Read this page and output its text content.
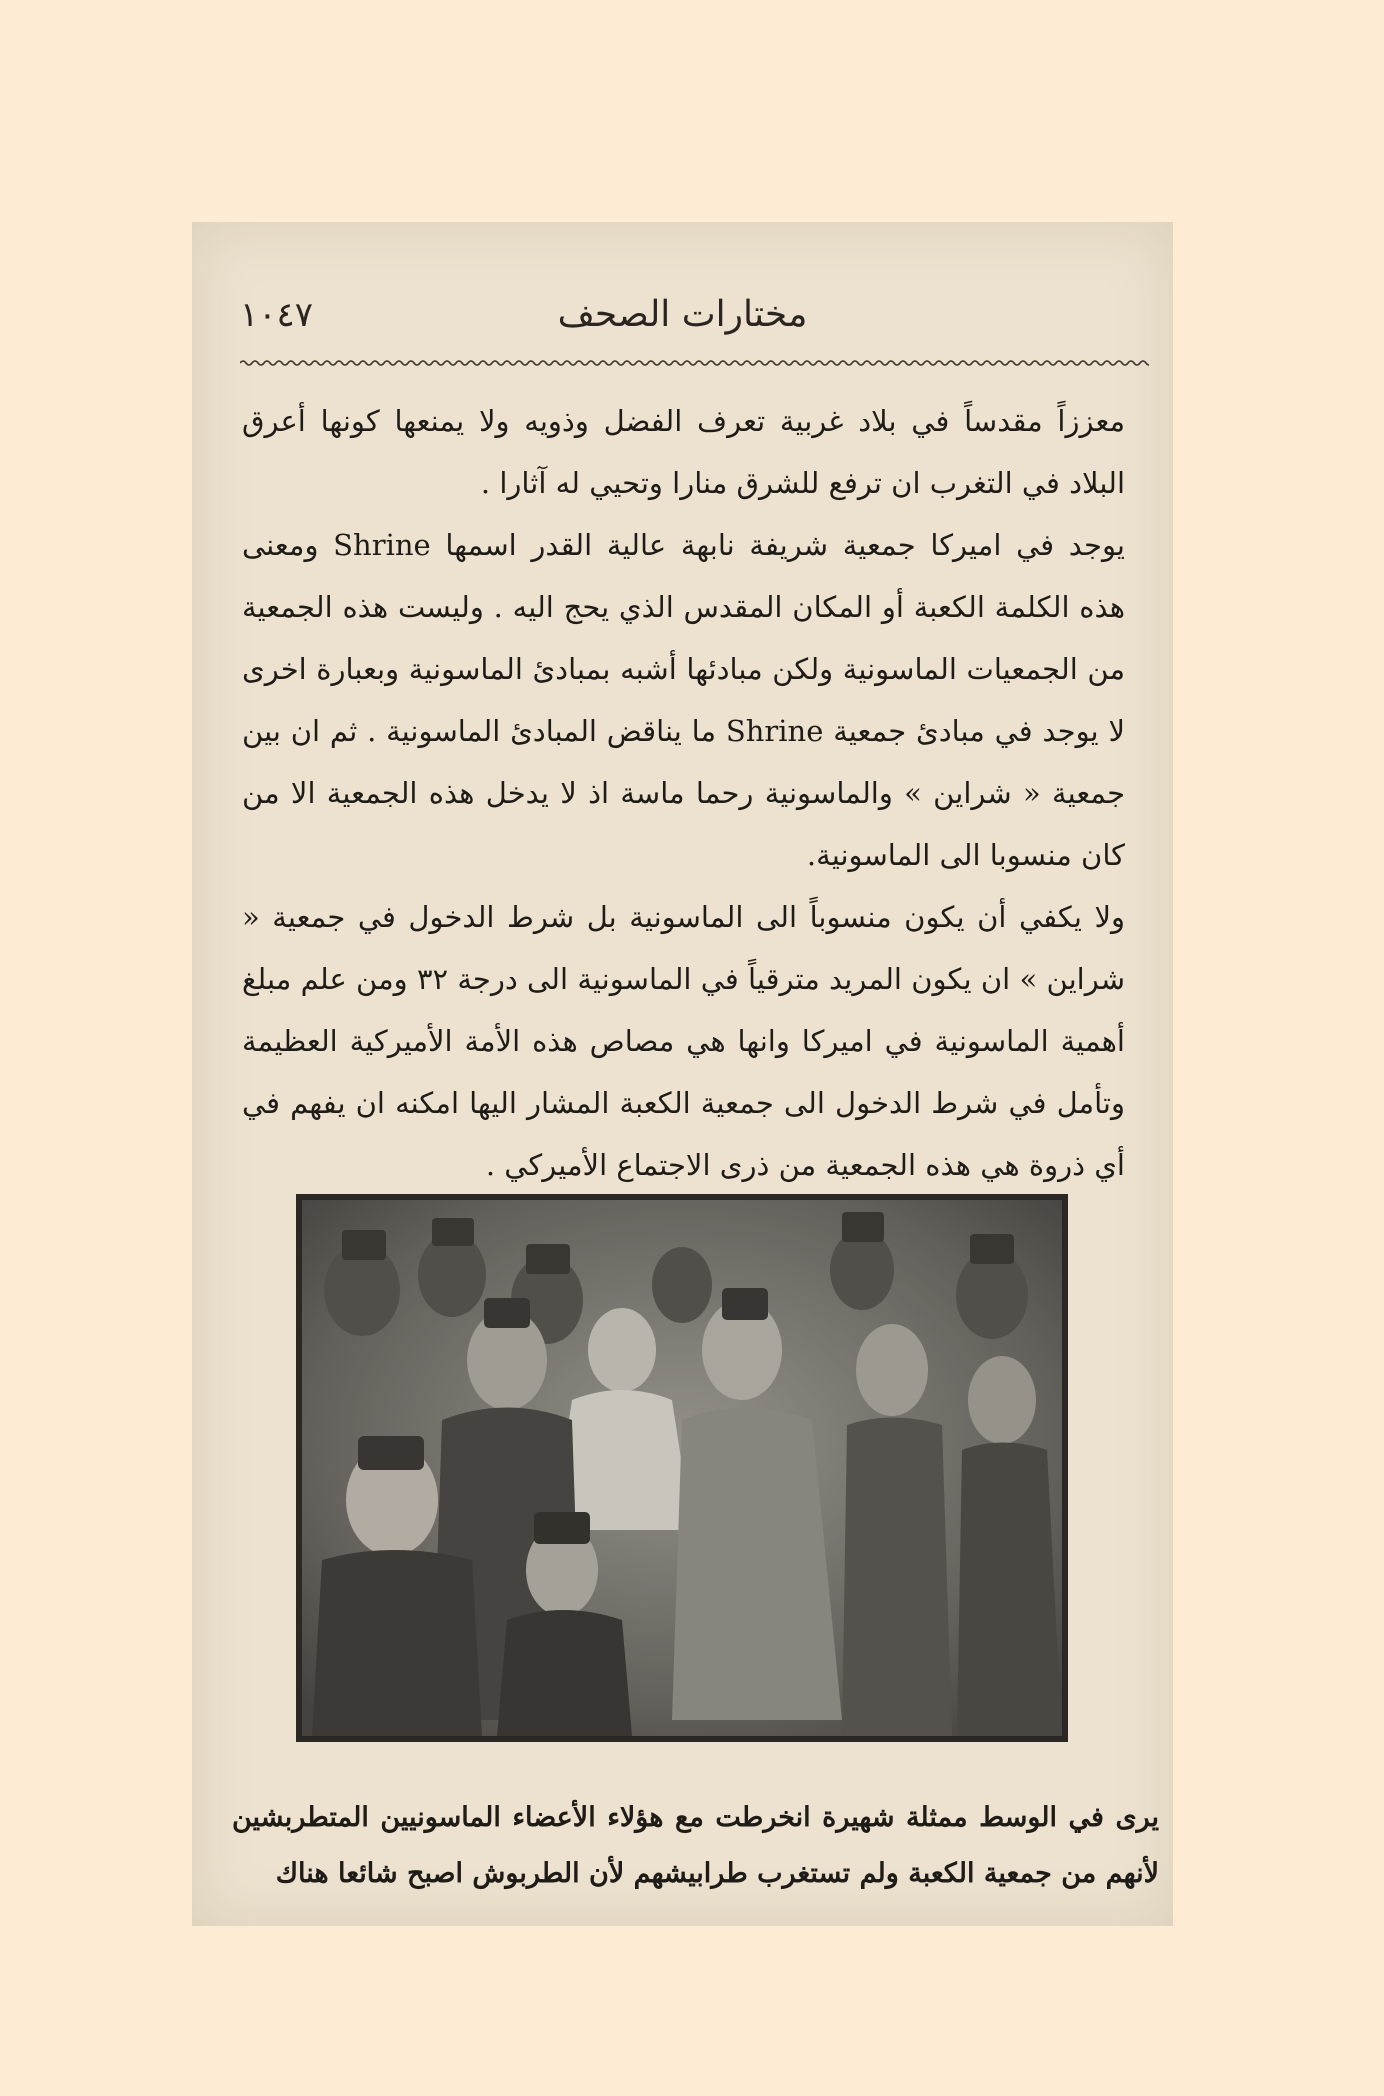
مختارات الصحف
١٠٤٧

معززاً مقدساً في بلاد غربية تعرف الفضل وذويه ولا يمنعها كونها أعرق البلاد في التغرب ان ترفع للشرق منارا وتحيي له آثارا .

يوجد في اميركا جمعية شريفة نابهة عالية القدر اسمها Shrine ومعنى هذه الكلمة الكعبة أو المكان المقدس الذي يحج اليه . وليست هذه الجمعية من الجمعيات الماسونية ولكن مبادئها أشبه بمبادئ الماسونية وبعبارة اخرى لا يوجد في مبادئ جمعية Shrine ما يناقض المبادئ الماسونية . ثم ان بين جمعية « شراين » والماسونية رحما ماسة اذ لا يدخل هذه الجمعية الا من كان منسوبا الى الماسونية.

ولا يكفي أن يكون منسوباً الى الماسونية بل شرط الدخول في جمعية « شراين » ان يكون المريد مترقياً في الماسونية الى درجة ٣٢ ومن علم مبلغ أهمية الماسونية في اميركا وانها هي مصاص هذه الأمة الأميركية العظيمة وتأمل في شرط الدخول الى جمعية الكعبة المشار اليها امكنه ان يفهم في أي ذروة هي هذه الجمعية من ذرى الاجتماع الأميركي .

يرى في الوسط ممثلة شهيرة انخرطت مع هؤلاء الأعضاء الماسونيين المتطربشين لأنهم من جمعية الكعبة ولم تستغرب طرابيشهم لأن الطربوش اصبح شائعا هناك
